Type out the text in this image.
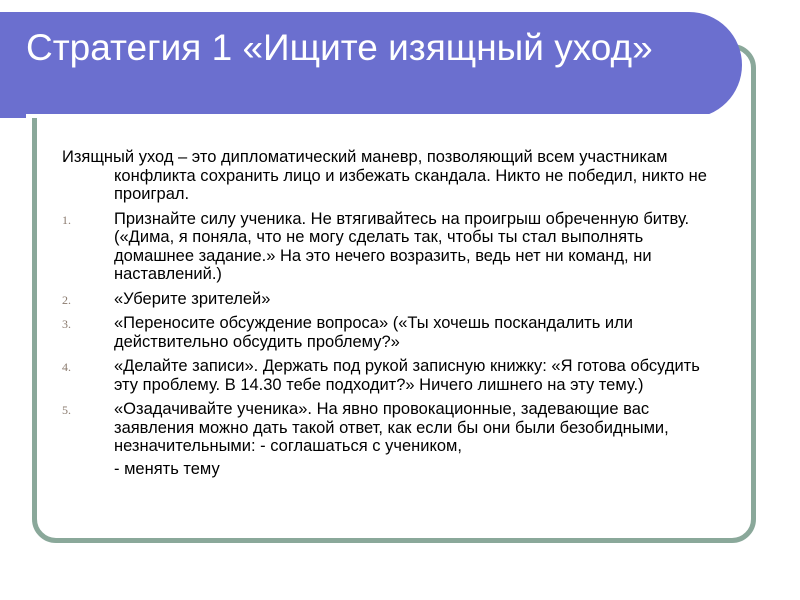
Стратегия 1 «Ищите изящный уход»

Изящный уход – это дипломатический маневр, позволяющий всем участникам конфликта сохранить лицо и избежать скандала. Никто не победил, никто не проиграл.

1.	Признайте силу ученика. Не втягивайтесь на проигрыш обреченную битву. («Дима, я поняла, что не могу сделать так, чтобы ты стал выполнять домашнее задание.» На это нечего возразить, ведь нет ни команд, ни наставлений.)
2.	«Уберите зрителей»
3.	«Переносите обсуждение вопроса» («Ты хочешь поскандалить или действительно обсудить проблему?»
4.	«Делайте записи». Держать под рукой записную книжку: «Я готова обсудить эту проблему. В 14.30 тебе подходит?» Ничего лишнего на эту тему.)
5.	«Озадачивайте ученика». На явно провокационные, задевающие вас заявления можно дать такой ответ, как если бы они были безобидными, незначительными: - соглашаться с учеником,

- менять тему
